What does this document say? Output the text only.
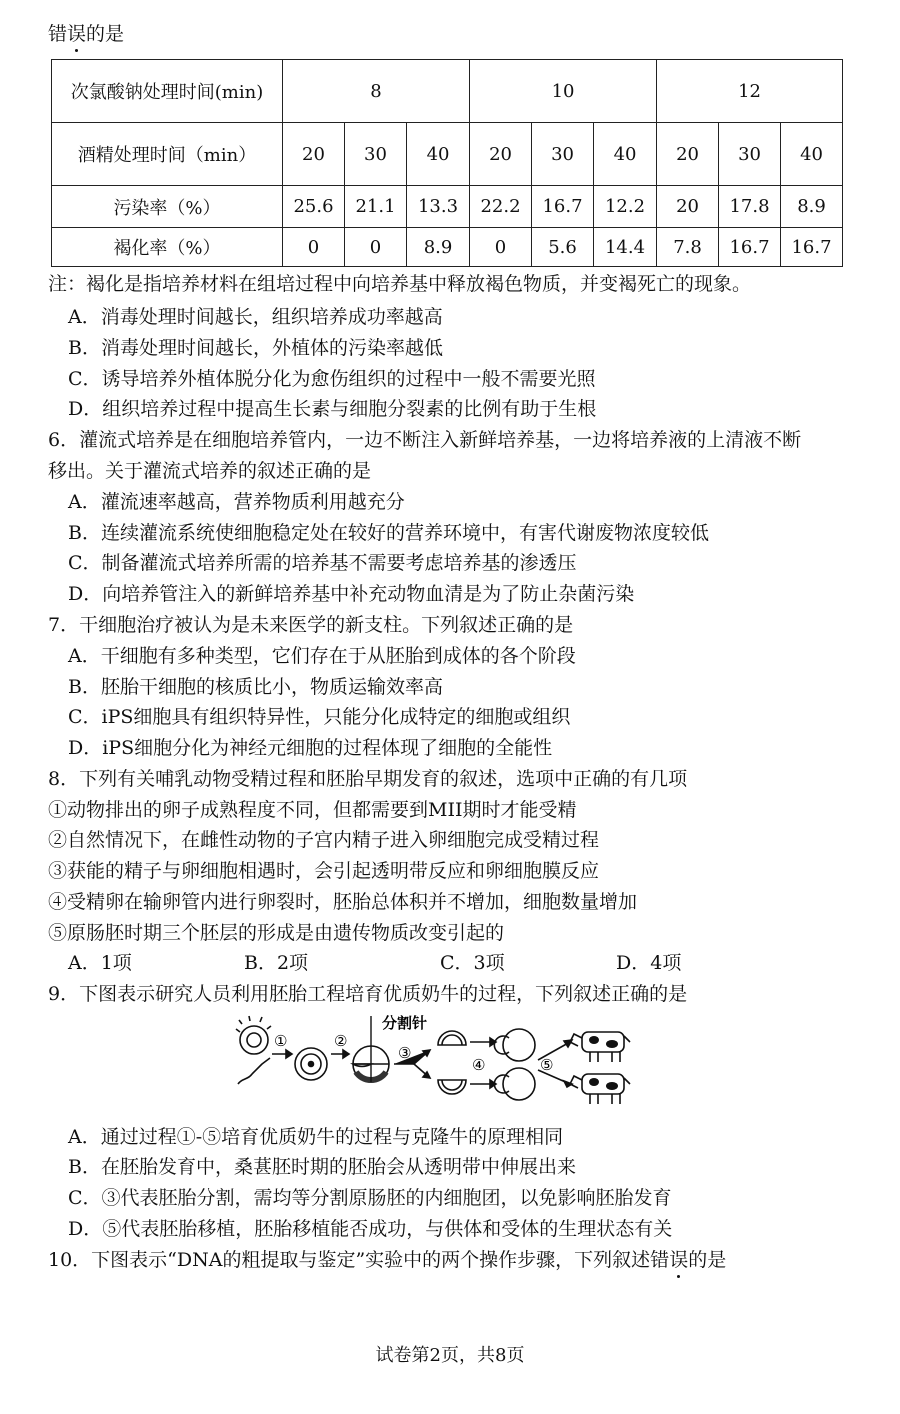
错误的是
次氯酸钠处理时间(min)	8			10			12		
酒精处理时间（min）	20	30	40	20	30	40	20	30	40
污染率（%）	25.6	21.1	13.3	22.2	16.7	12.2	20	17.8	8.9
褐化率（%）	0	0	8.9	0	5.6	14.4	7.8	16.7	16.7
注：褐化是指培养材料在组培过程中向培养基中释放褐色物质，并变褐死亡的现象。
A．消毒处理时间越长，组织培养成功率越高
B．消毒处理时间越长，外植体的污染率越低
C．诱导培养外植体脱分化为愈伤组织的过程中一般不需要光照
D．组织培养过程中提高生长素与细胞分裂素的比例有助于生根
6．灌流式培养是在细胞培养管内，一边不断注入新鲜培养基，一边将培养液的上清液不断
移出。关于灌流式培养的叙述正确的是
A．灌流速率越高，营养物质利用越充分
B．连续灌流系统使细胞稳定处在较好的营养环境中，有害代谢废物浓度较低
C．制备灌流式培养所需的培养基不需要考虑培养基的渗透压
D．向培养管注入的新鲜培养基中补充动物血清是为了防止杂菌污染
7．干细胞治疗被认为是未来医学的新支柱。下列叙述正确的是
A．干细胞有多种类型，它们存在于从胚胎到成体的各个阶段
B．胚胎干细胞的核质比小，物质运输效率高
C．iPS细胞具有组织特异性，只能分化成特定的细胞或组织
D．iPS细胞分化为神经元细胞的过程体现了细胞的全能性
8．下列有关哺乳动物受精过程和胚胎早期发育的叙述，选项中正确的有几项
①动物排出的卵子成熟程度不同，但都需要到MII期时才能受精
②自然情况下，在雌性动物的子宫内精子进入卵细胞完成受精过程
③获能的精子与卵细胞相遇时，会引起透明带反应和卵细胞膜反应
④受精卵在输卵管内进行卵裂时，胚胎总体积并不增加，细胞数量增加
⑤原肠胚时期三个胚层的形成是由遗传物质改变引起的
A．1项	B．2项	C．3项	D．4项
9．下图表示研究人员利用胚胎工程培育优质奶牛的过程，下列叙述正确的是
分割针
①	②
③
④	⑤
A．通过过程①-⑤培育优质奶牛的过程与克隆牛的原理相同
B．在胚胎发育中，桑葚胚时期的胚胎会从透明带中伸展出来
C．③代表胚胎分割，需均等分割原肠胚的内细胞团，以免影响胚胎发育
D．⑤代表胚胎移植，胚胎移植能否成功，与供体和受体的生理状态有关
10．下图表示“DNA的粗提取与鉴定”实验中的两个操作步骤，下列叙述错误的是
试卷第2页，共8页
